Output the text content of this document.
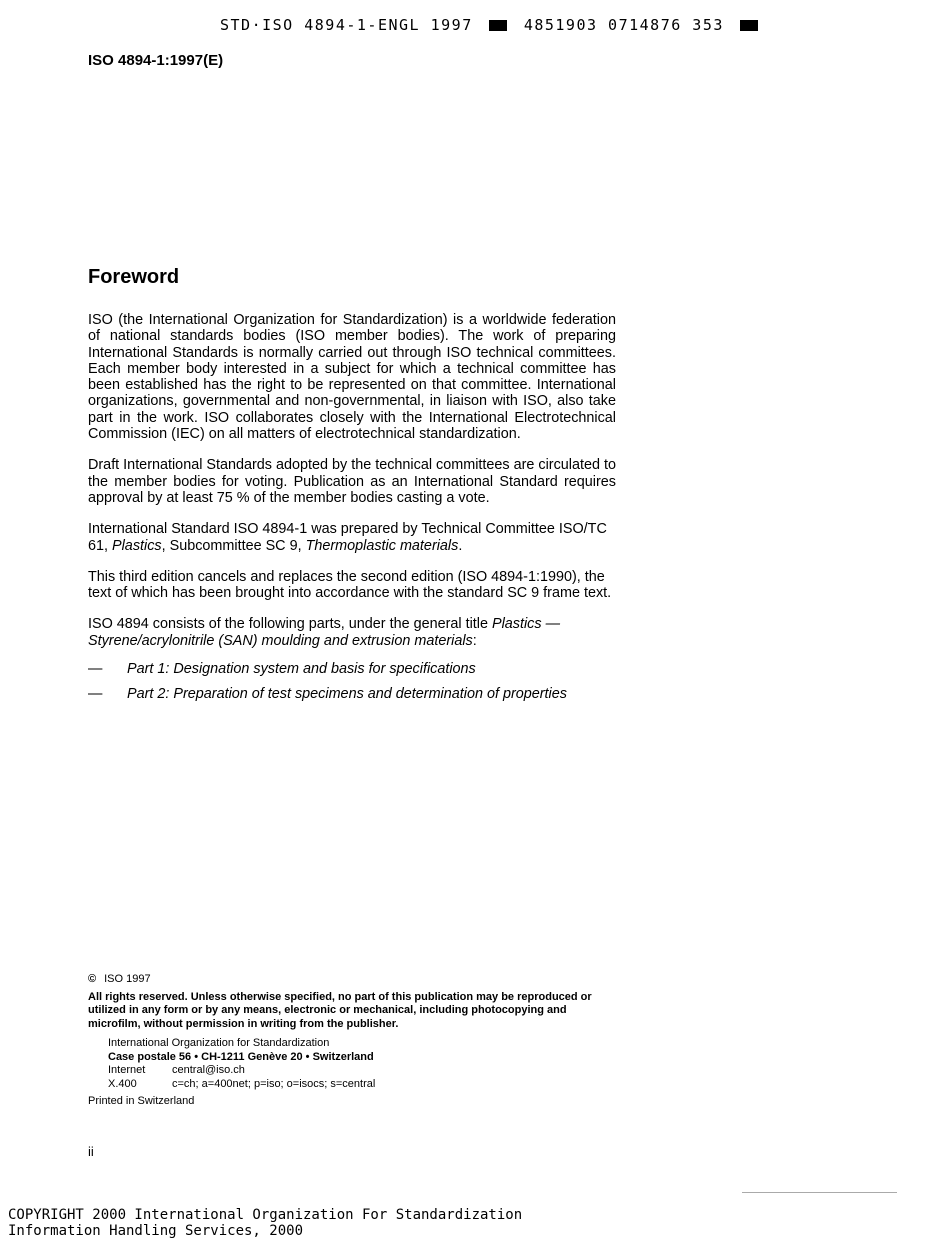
STD·ISO 4894-1-ENGL 1997	4851903 0714876 353
ISO 4894-1:1997(E)
Foreword

ISO (the International Organization for Standardization) is a worldwide federation of national standards bodies (ISO member bodies). The work of preparing International Standards is normally carried out through ISO technical committees. Each member body interested in a subject for which a technical committee has been established has the right to be represented on that committee. International organizations, governmental and non-governmental, in liaison with ISO, also take part in the work. ISO collaborates closely with the International Electrotechnical Commission (IEC) on all matters of electrotechnical standardization.

Draft International Standards adopted by the technical committees are circulated to the member bodies for voting. Publication as an International Standard requires approval by at least 75 % of the member bodies casting a vote.

International Standard ISO 4894-1 was prepared by Technical Committee ISO/TC 61, Plastics, Subcommittee SC 9, Thermoplastic materials.

This third edition cancels and replaces the second edition (ISO 4894-1:1990), the text of which has been brought into accordance with the standard SC 9 frame text.

ISO 4894 consists of the following parts, under the general title Plastics — Styrene/acrylonitrile (SAN) moulding and extrusion materials:

—	Part 1: Designation system and basis for specifications
—	Part 2: Preparation of test specimens and determination of properties

© ISO 1997

All rights reserved. Unless otherwise specified, no part of this publication may be reproduced or utilized in any form or by any means, electronic or mechanical, including photocopying and microfilm, without permission in writing from the publisher.

International Organization for Standardization
Case postale 56 • CH-1211 Genève 20 • Switzerland
Internet	central@iso.ch
X.400	c=ch; a=400net; p=iso; o=isocs; s=central

Printed in Switzerland

ii
COPYRIGHT 2000 International Organization For Standardization
Information Handling Services, 2000
